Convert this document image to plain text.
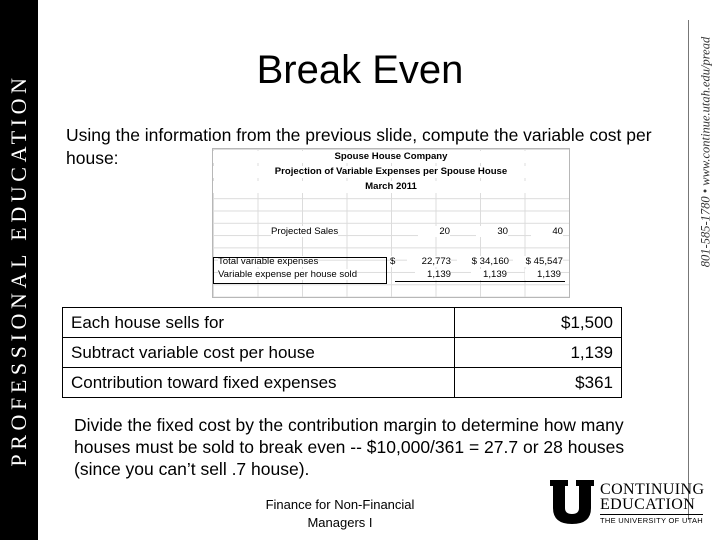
PROFESSIONAL EDUCATION	801-585-1780 • www.continue.utah.edu/pread
Break Even
Using the information from the previous slide, compute the variable cost per house:	Spouse House Company
Projection of Variable Expenses per Spouse House
March 2011
Projected Sales	20	30	40
Total variable expenses	$	22,773	$ 34,160	$ 45,547
Variable expense per house sold	1,139	1,139	1,139
Each house sells for	$1,500
Subtract variable cost per house	1,139
Contribution toward fixed expenses	$361
Divide the fixed cost by the contribution margin to determine how many houses must be sold to break even -- $10,000/361 = 27.7 or 28 houses (since you can’t sell .7 house).
Finance for Non-Financial
Managers I
CONTINUING
EDUCATION
THE UNIVERSITY OF UTAH
